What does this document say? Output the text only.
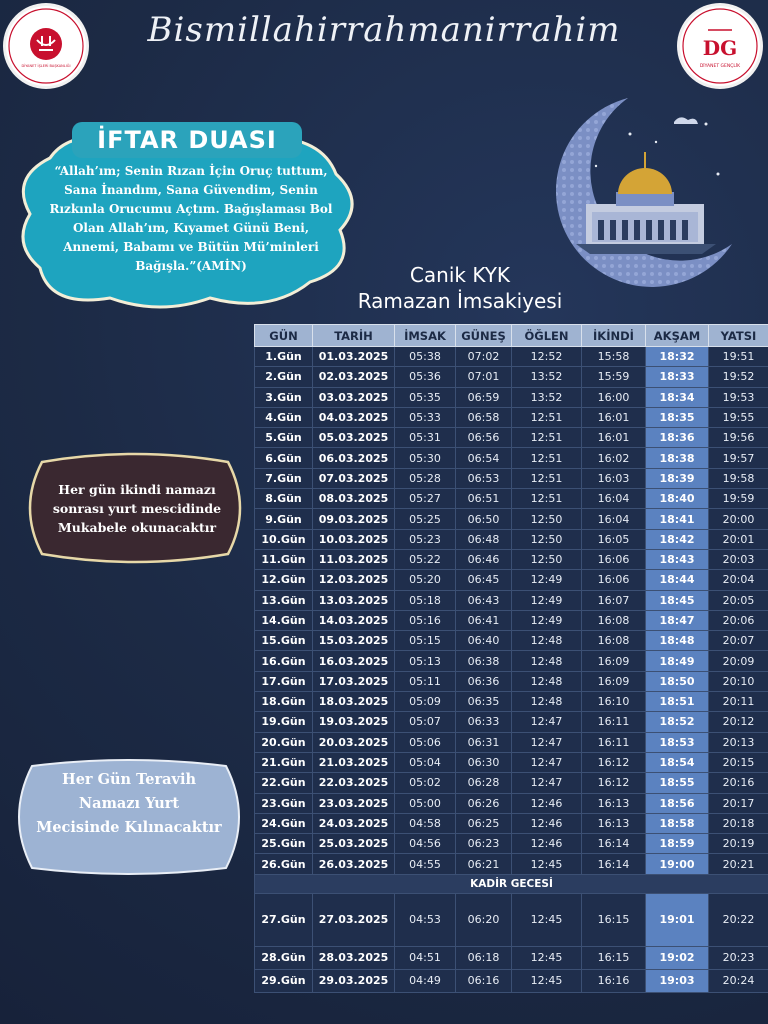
DİYANET İŞLERİ BAŞKANLIĞI
Bismillahirrahmanirrahim	DG
DİYANET GENÇLİK
İFTAR DUASI
“Allah’ım; Senin Rızan İçin Oruç tuttum, Sana İnandım, Sana Güvendim, Senin Rızkınla Orucumu Açtım. Bağışlaması Bol Olan Allah’ım, Kıyamet Günü Beni, Annemi, Babamı ve Bütün Mü’minleri Bağışla.”(AMİN)	Canik KYK
Ramazan İmsakiyesi
Her gün ikindi namazı sonrası yurt mescidinde Mukabele okunacaktır
Her Gün Teravih Namazı Yurt Mecisinde Kılınacaktır
GÜN	TARİH	İMSAK	GÜNEŞ	ÖĞLEN	İKİNDİ	AKŞAM	YATSI
1.Gün	01.03.2025	05:38	07:02	12:52	15:58	18:32	19:51
2.Gün	02.03.2025	05:36	07:01	13:52	15:59	18:33	19:52
3.Gün	03.03.2025	05:35	06:59	13:52	16:00	18:34	19:53
4.Gün	04.03.2025	05:33	06:58	12:51	16:01	18:35	19:55
5.Gün	05.03.2025	05:31	06:56	12:51	16:01	18:36	19:56
6.Gün	06.03.2025	05:30	06:54	12:51	16:02	18:38	19:57
7.Gün	07.03.2025	05:28	06:53	12:51	16:03	18:39	19:58
8.Gün	08.03.2025	05:27	06:51	12:51	16:04	18:40	19:59
9.Gün	09.03.2025	05:25	06:50	12:50	16:04	18:41	20:00
10.Gün	10.03.2025	05:23	06:48	12:50	16:05	18:42	20:01
11.Gün	11.03.2025	05:22	06:46	12:50	16:06	18:43	20:03
12.Gün	12.03.2025	05:20	06:45	12:49	16:06	18:44	20:04
13.Gün	13.03.2025	05:18	06:43	12:49	16:07	18:45	20:05
14.Gün	14.03.2025	05:16	06:41	12:49	16:08	18:47	20:06
15.Gün	15.03.2025	05:15	06:40	12:48	16:08	18:48	20:07
16.Gün	16.03.2025	05:13	06:38	12:48	16:09	18:49	20:09
17.Gün	17.03.2025	05:11	06:36	12:48	16:09	18:50	20:10
18.Gün	18.03.2025	05:09	06:35	12:48	16:10	18:51	20:11
19.Gün	19.03.2025	05:07	06:33	12:47	16:11	18:52	20:12
20.Gün	20.03.2025	05:06	06:31	12:47	16:11	18:53	20:13
21.Gün	21.03.2025	05:04	06:30	12:47	16:12	18:54	20:15
22.Gün	22.03.2025	05:02	06:28	12:47	16:12	18:55	20:16
23.Gün	23.03.2025	05:00	06:26	12:46	16:13	18:56	20:17
24.Gün	24.03.2025	04:58	06:25	12:46	16:13	18:58	20:18
25.Gün	25.03.2025	04:56	06:23	12:46	16:14	18:59	20:19
26.Gün	26.03.2025	04:55	06:21	12:45	16:14	19:00	20:21
KADİR GECESİ							
27.Gün	27.03.2025	04:53	06:20	12:45	16:15	19:01	20:22
28.Gün	28.03.2025	04:51	06:18	12:45	16:15	19:02	20:23
29.Gün	29.03.2025	04:49	06:16	12:45	16:16	19:03	20:24
